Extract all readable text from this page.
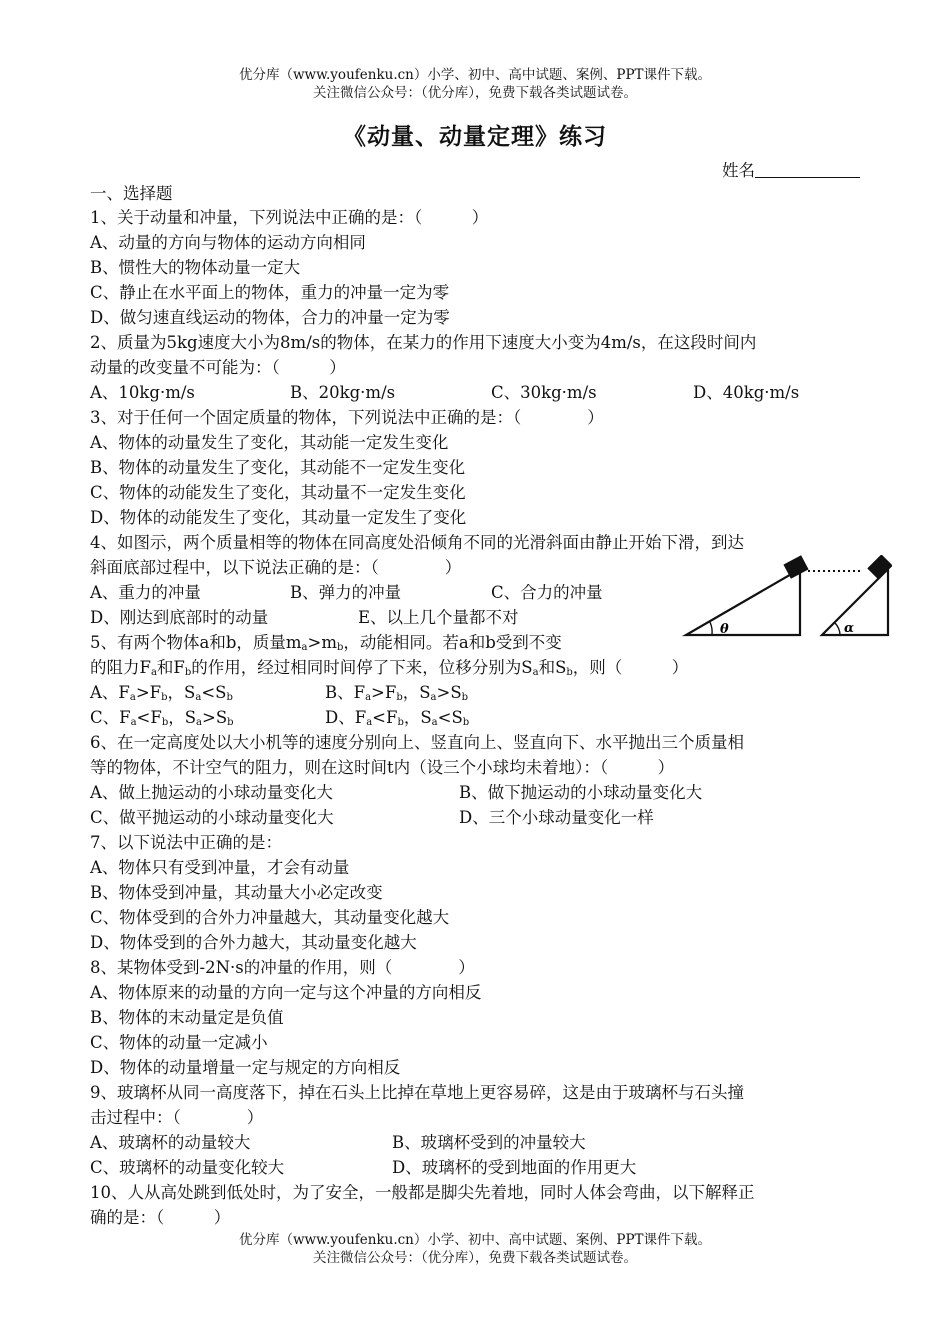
优分库（www.youfenku.cn）小学、初中、高中试题、案例、PPT课件下载。
关注微信公众号：（优分库），免费下载各类试题试卷。
《动量、动量定理》练习
姓名
一、选择题
1、关于动量和冲量，下列说法中正确的是：（　　　）
A、动量的方向与物体的运动方向相同
B、惯性大的物体动量一定大
C、静止在水平面上的物体，重力的冲量一定为零
D、做匀速直线运动的物体，合力的冲量一定为零
2、质量为5kg速度大小为8m/s的物体，在某力的作用下速度大小变为4m/s，在这段时间内
动量的改变量不可能为：（　　　）
A、10kg·m/s	B、20kg·m/s	C、30kg·m/s	D、40kg·m/s
3、对于任何一个固定质量的物体，下列说法中正确的是：（　　　　）
A、物体的动量发生了变化，其动能一定发生变化
B、物体的动量发生了变化，其动能不一定发生变化
C、物体的动能发生了变化，其动量不一定发生变化
D、物体的动能发生了变化，其动量一定发生了变化
4、如图示，两个质量相等的物体在同高度处沿倾角不同的光滑斜面由静止开始下滑，到达
斜面底部过程中，以下说法正确的是：（　　　　）
A、重力的冲量	B、弹力的冲量	C、合力的冲量
D、刚达到底部时的动量	E、以上几个量都不对
θ	α
5、有两个物体a和b，质量$m_a>m_b$，动能相同。若a和b受到不变
的阻力$F_a$和$F_b$的作用，经过相同时间停了下来，位移分别为$S_a$和$S_b$，则（　　　）
A、$F_a>F_b$，$S_a<S_b$	B、$F_a>F_b$，$S_a>S_b$
C、$F_a<F_b$，$S_a>S_b$	D、$F_a<F_b$，$S_a<S_b$
6、在一定高度处以大小机等的速度分别向上、竖直向上、竖直向下、水平抛出三个质量相
等的物体，不计空气的阻力，则在这时间t内（设三个小球均未着地）：（　　　）
A、做上抛运动的小球动量变化大	B、做下抛运动的小球动量变化大
C、做平抛运动的小球动量变化大	D、三个小球动量变化一样
7、以下说法中正确的是：
A、物体只有受到冲量，才会有动量
B、物体受到冲量，其动量大小必定改变
C、物体受到的合外力冲量越大，其动量变化越大
D、物体受到的合外力越大，其动量变化越大
8、某物体受到-2N·s的冲量的作用，则（　　　　）
A、物体原来的动量的方向一定与这个冲量的方向相反
B、物体的末动量定是负值
C、物体的动量一定减小
D、物体的动量增量一定与规定的方向相反
9、玻璃杯从同一高度落下，掉在石头上比掉在草地上更容易碎，这是由于玻璃杯与石头撞
击过程中：（　　　　）
A、玻璃杯的动量较大	B、玻璃杯受到的冲量较大
C、玻璃杯的动量变化较大	D、玻璃杯的受到地面的作用更大
10、人从高处跳到低处时，为了安全，一般都是脚尖先着地，同时人体会弯曲，以下解释正
确的是：（　　　）
优分库（www.youfenku.cn）小学、初中、高中试题、案例、PPT课件下载。
关注微信公众号：（优分库），免费下载各类试题试卷。
